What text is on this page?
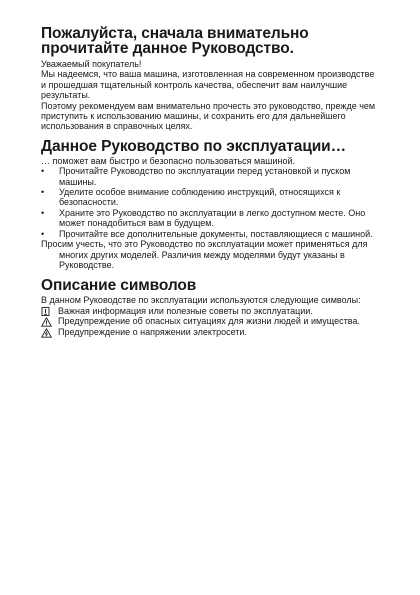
Пожалуйста, сначала внимательно прочитайте данное Руководство.
Уважаемый покупатель!
Мы надеемся, что ваша машина, изготовленная на современном производстве и прошедшая тщательный контроль качества, обеспечит вам наилучшие результаты.
Поэтому рекомендуем вам внимательно прочесть это руководство, прежде чем приступить к использованию машины, и сохранить его для дальнейшего использования в справочных целях.
Данное Руководство по эксплуатации…
… поможет вам быстро и безопасно пользоваться машиной.
•	Прочитайте Руководство по эксплуатации перед установкой и пуском машины.
•	Уделите особое внимание соблюдению инструкций, относящихся к безопасности.
•	Храните это Руководство по эксплуатации в легко доступном месте. Оно может понадобиться вам в будущем.
•	Прочитайте все дополнительные документы, поставляющиеся с машиной.
Просим учесть, что это Руководство по эксплуатации может применяться для многих других моделей. Различия между моделями будут указаны в Руководстве.
Описание символов
В данном Руководстве по эксплуатации используются следующие символы:
Важная информация или полезные советы по эксплуатации.
Предупреждение об опасных ситуациях для жизни людей и имущества.
Предупреждение о напряжении электросети.
